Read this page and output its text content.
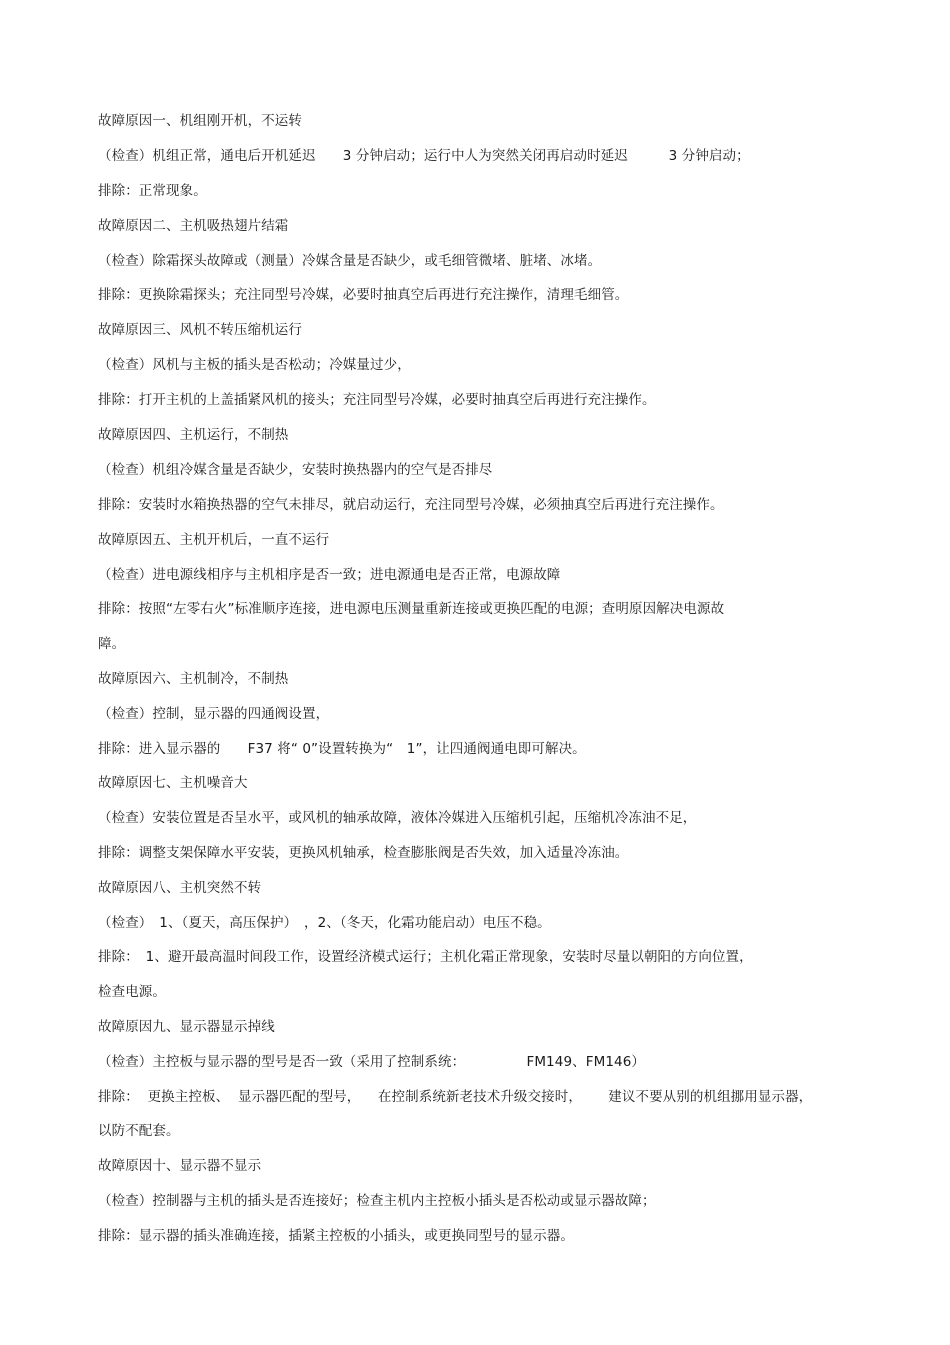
故障原因一、机组刚开机，不运转
（检查）机组正常，通电后开机延迟　　3 分钟启动；运行中人为突然关闭再启动时延迟　　　3 分钟启动；
排除：正常现象。
故障原因二、主机吸热翅片结霜
（检查）除霜探头故障或（测量）冷媒含量是否缺少，或毛细管微堵、脏堵、冰堵。
排除：更换除霜探头；充注同型号冷媒，必要时抽真空后再进行充注操作，清理毛细管。
故障原因三、风机不转压缩机运行
（检查）风机与主板的插头是否松动；冷媒量过少，
排除：打开主机的上盖插紧风机的接头；充注同型号冷媒，必要时抽真空后再进行充注操作。
故障原因四、主机运行，不制热
（检查）机组冷媒含量是否缺少，安装时换热器内的空气是否排尽
排除：安装时水箱换热器的空气未排尽，就启动运行，充注同型号冷媒，必须抽真空后再进行充注操作。
故障原因五、主机开机后，一直不运行
（检查）进电源线相序与主机相序是否一致；进电源通电是否正常，电源故障
排除：按照“左零右火”标准顺序连接，进电源电压测量重新连接或更换匹配的电源；查明原因解决电源故
障。
故障原因六、主机制冷，不制热
（检查）控制，显示器的四通阀设置，
排除：进入显示器的　　F37 将“ 0”设置转换为“　1”，让四通阀通电即可解决。
故障原因七、主机噪音大
（检查）安装位置是否呈水平，或风机的轴承故障，液体冷媒进入压缩机引起，压缩机冷冻油不足，
排除：调整支架保障水平安装，更换风机轴承，检查膨胀阀是否失效，加入适量冷冻油。
故障原因八、主机突然不转
（检查）　1、（夏天，高压保护）　，2、（冬天，化霜功能启动）电压不稳。
排除：　1、避开最高温时间段工作，设置经济模式运行；主机化霜正常现象，安装时尽量以朝阳的方向位置，
检查电源。
故障原因九、显示器显示掉线
（检查）主控板与显示器的型号是否一致（采用了控制系统：　　　　　FM149、FM146）
排除：  更换主控板、  显示器匹配的型号，    在控制系统新老技术升级交接时，      建议不要从别的机组挪用显示器，
以防不配套。
故障原因十、显示器不显示
（检查）控制器与主机的插头是否连接好；检查主机内主控板小插头是否松动或显示器故障；
排除：显示器的插头准确连接，插紧主控板的小插头，或更换同型号的显示器。
